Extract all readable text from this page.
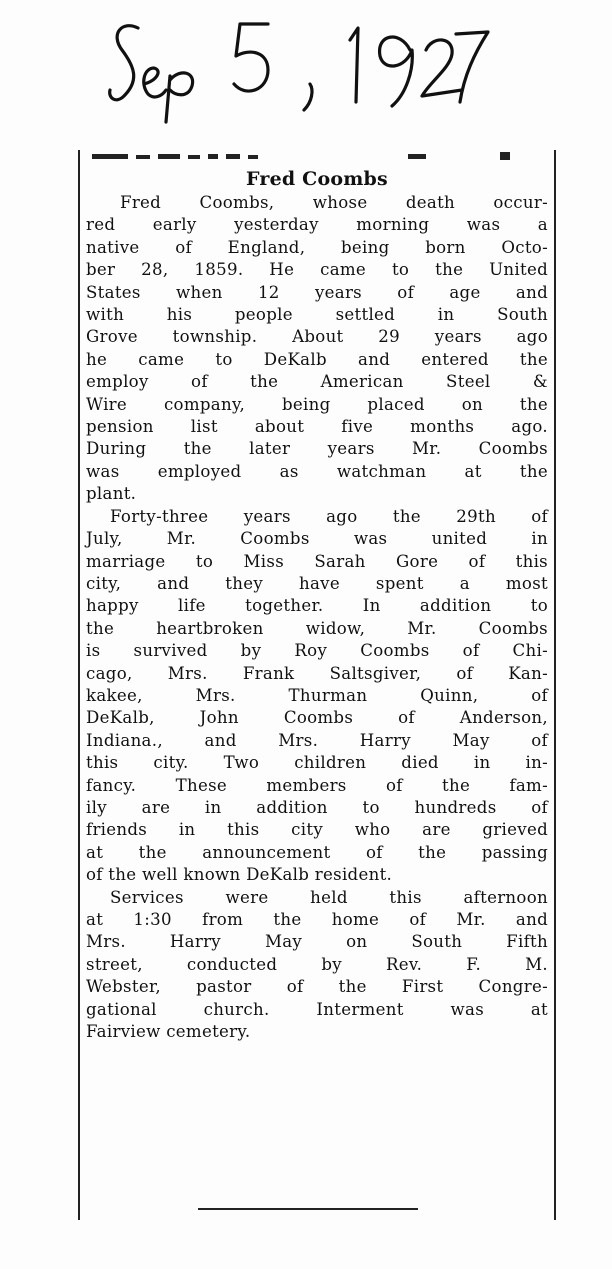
Fred Coombs
Fred Coombs, whose death occur-
red early yesterday morning was a
native of England, being born Octo-
ber 28, 1859. He came to the United
States when 12 years of age and
with his people settled in South
Grove township. About 29 years ago
he came to DeKalb and entered the
employ of the American Steel &
Wire company, being placed on the
pension list about five months ago.
During the later years Mr. Coombs
was employed as watchman at the
plant.
Forty-three years ago the 29th of
July, Mr. Coombs was united in
marriage to Miss Sarah Gore of this
city, and they have spent a most
happy life together. In addition to
the heartbroken widow, Mr. Coombs
is survived by Roy Coombs of Chi-
cago, Mrs. Frank Saltsgiver, of Kan-
kakee, Mrs. Thurman Quinn, of
DeKalb, John Coombs of Anderson,
Indiana., and Mrs. Harry May of
this city. Two children died in in-
fancy. These members of the fam-
ily are in addition to hundreds of
friends in this city who are grieved
at the announcement of the passing
of the well known DeKalb resident.
Services were held this afternoon
at 1:30 from the home of Mr. and
Mrs. Harry May on South Fifth
street, conducted by Rev. F. M.
Webster, pastor of the First Congre-
gational church. Interment was at
Fairview cemetery.
